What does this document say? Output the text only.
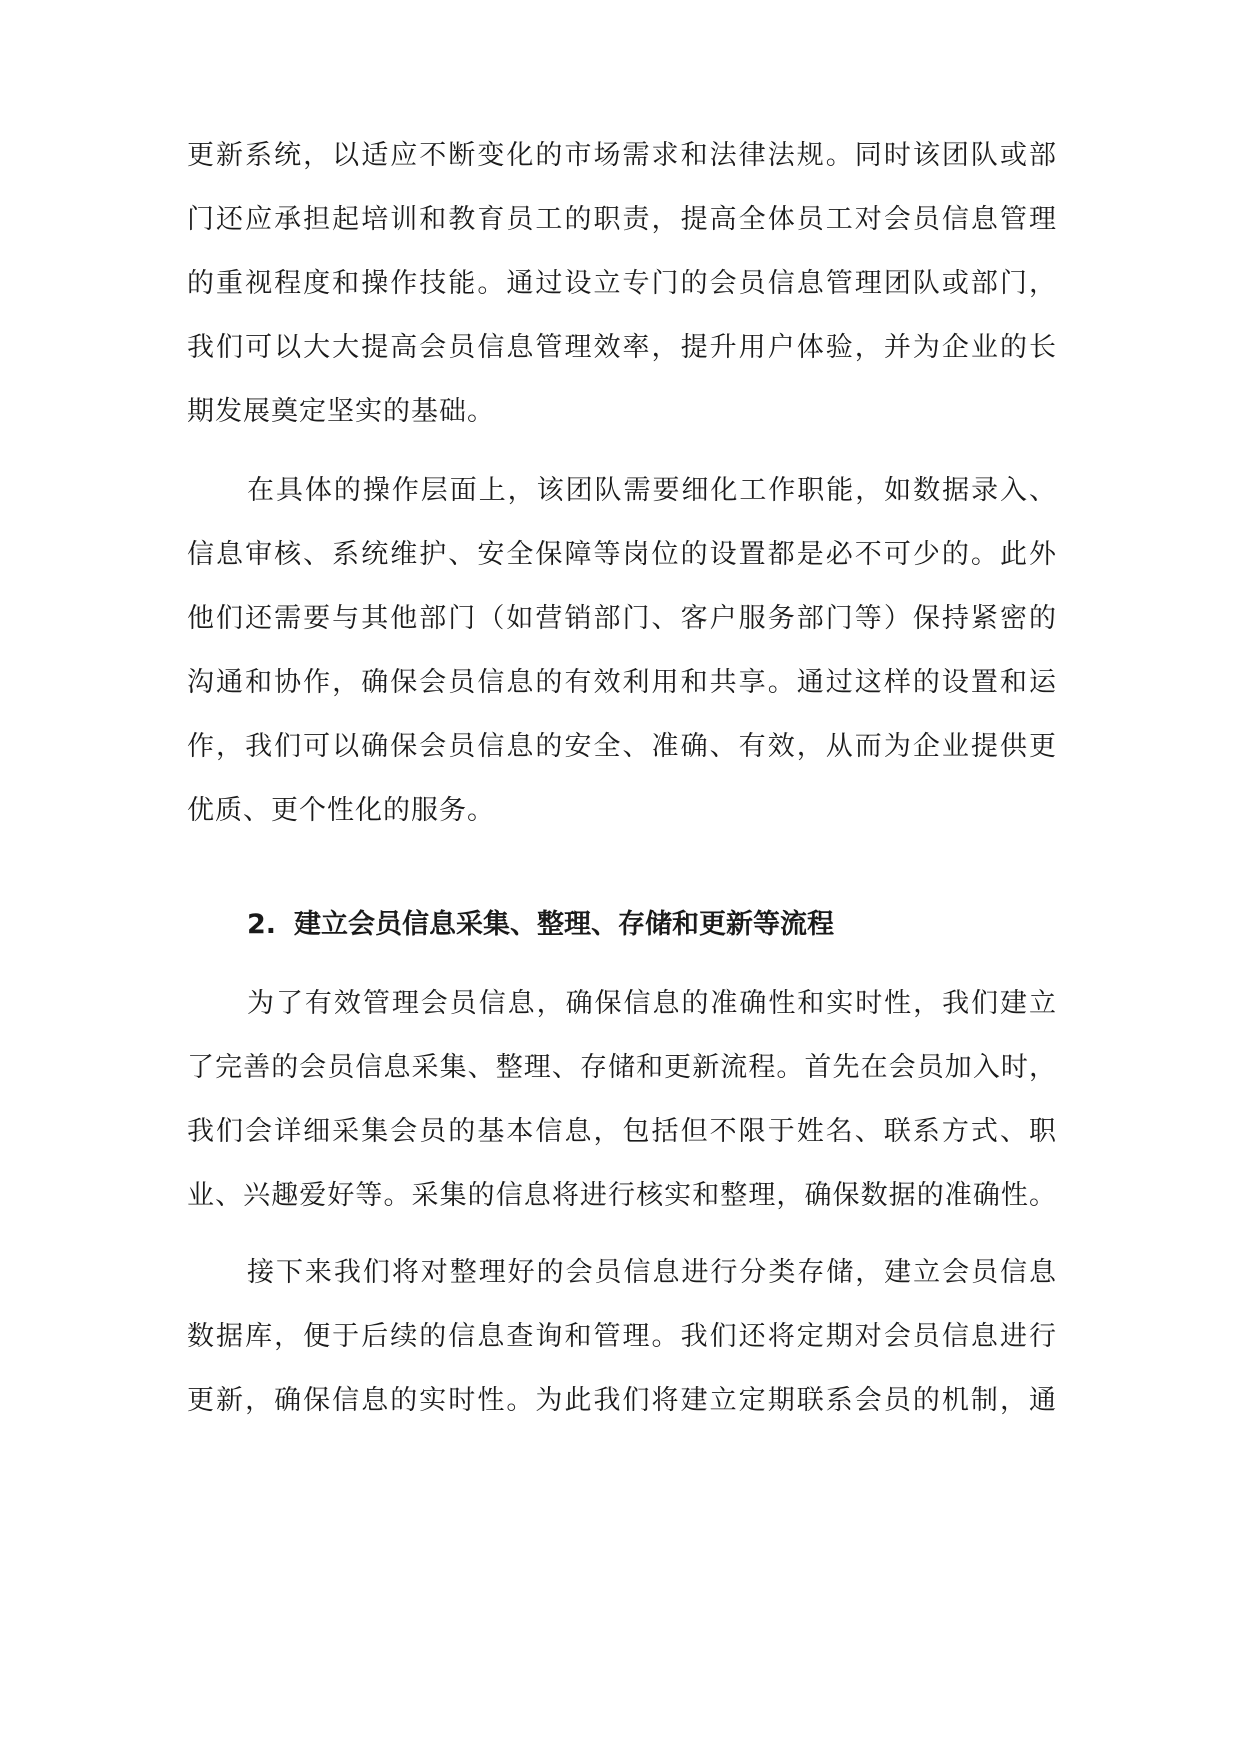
更新系统，以适应不断变化的市场需求和法律法规。同时该团队或部
门还应承担起培训和教育员工的职责，提高全体员工对会员信息管理
的重视程度和操作技能。通过设立专门的会员信息管理团队或部门，
我们可以大大提高会员信息管理效率，提升用户体验，并为企业的长
期发展奠定坚实的基础。
在具体的操作层面上，该团队需要细化工作职能，如数据录入、
信息审核、系统维护、安全保障等岗位的设置都是必不可少的。此外
他们还需要与其他部门（如营销部门、客户服务部门等）保持紧密的
沟通和协作，确保会员信息的有效利用和共享。通过这样的设置和运
作，我们可以确保会员信息的安全、准确、有效，从而为企业提供更
优质、更个性化的服务。
2. 建立会员信息采集、整理、存储和更新等流程
为了有效管理会员信息，确保信息的准确性和实时性，我们建立
了完善的会员信息采集、整理、存储和更新流程。首先在会员加入时，
我们会详细采集会员的基本信息，包括但不限于姓名、联系方式、职
业、兴趣爱好等。采集的信息将进行核实和整理，确保数据的准确性。
接下来我们将对整理好的会员信息进行分类存储，建立会员信息
数据库，便于后续的信息查询和管理。我们还将定期对会员信息进行
更新，确保信息的实时性。为此我们将建立定期联系会员的机制，通
